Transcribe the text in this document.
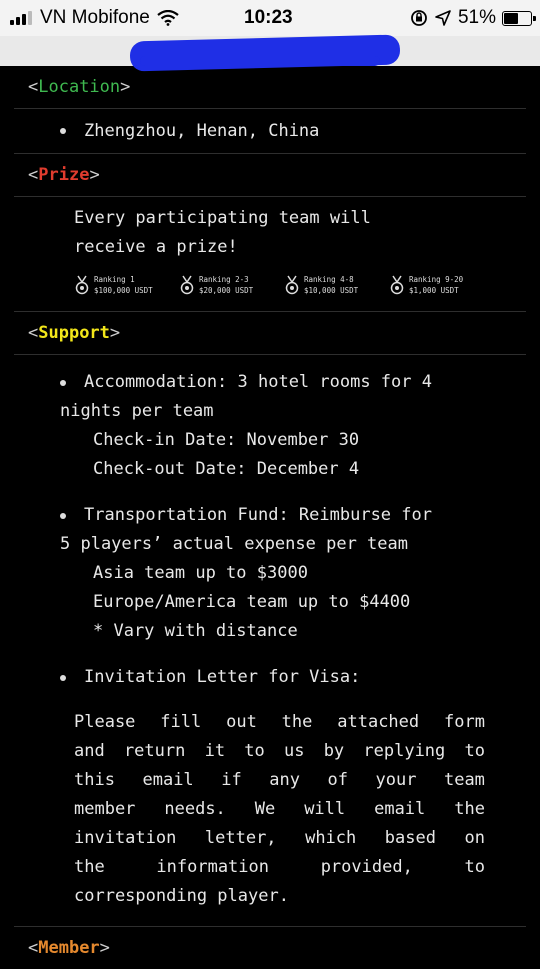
VN Mobifone	10:23	51%
<Location>
Zhengzhou, Henan, China
<Prize>
Every participating team will
receive a prize!
Ranking 1
$100,000 USDT
Ranking 2-3
$20,000 USDT
Ranking 4-8
$10,000 USDT
Ranking 9-20
$1,000 USDT
<Support>
Accommodation: 3 hotel rooms for 4
nights per team
Check-in Date: November 30
Check-out Date: December 4
Transportation Fund: Reimburse for
5 players’ actual expense per team
Asia team up to $3000
Europe/America team up to $4400
* Vary with distance
Invitation Letter for Visa:
Please fill out the attached form
and return it to us by replying to
this email if any of your team
member needs. We will email the
invitation letter, which based on
the	information	provided,	to
corresponding player.
<Member>
